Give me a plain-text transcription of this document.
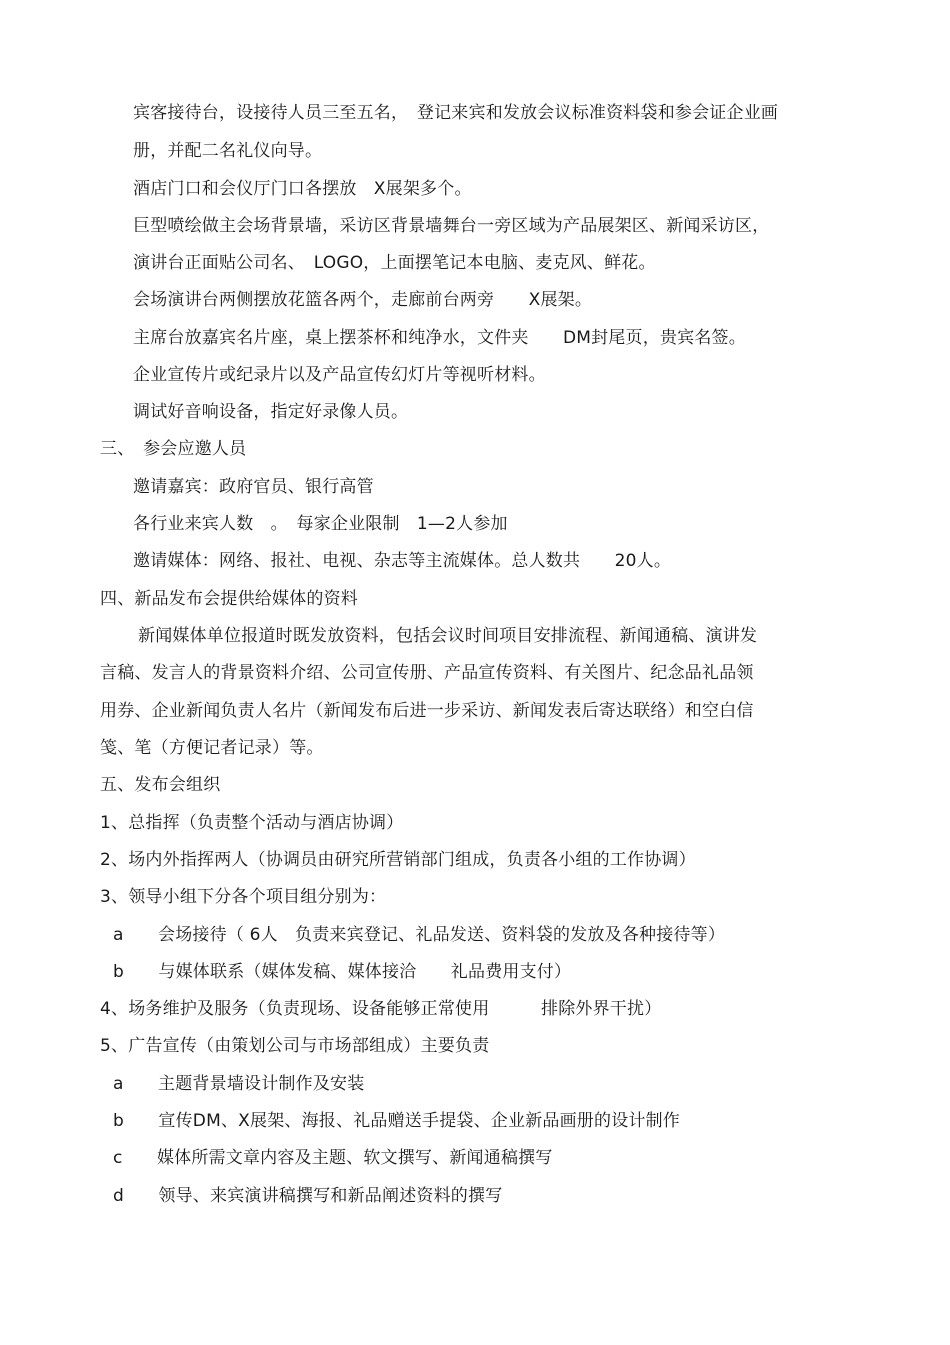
宾客接待台，设接待人员三至五名，　登记来宾和发放会议标准资料袋和参会证企业画
册，并配二名礼仪向导。
酒店门口和会仪厅门口各摆放　X展架多个。
巨型喷绘做主会场背景墙，采访区背景墙舞台一旁区域为产品展架区、新闻采访区，
演讲台正面贴公司名、　LOGO，上面摆笔记本电脑、麦克风、鲜花。
会场演讲台两侧摆放花篮各两个，走廊前台两旁　　X展架。
主席台放嘉宾名片座，桌上摆茶杯和纯净水，文件夹　　DM封尾页，贵宾名签。
企业宣传片或纪录片以及产品宣传幻灯片等视听材料。
调试好音响设备，指定好录像人员。
三、　参会应邀人员
邀请嘉宾：政府官员、银行高管
各行业来宾人数　。　每家企业限制　1—2人参加
邀请媒体：网络、报社、电视、杂志等主流媒体。总人数共　　20人。
四、新品发布会提供给媒体的资料
新闻媒体单位报道时既发放资料，包括会议时间项目安排流程、新闻通稿、演讲发
言稿、发言人的背景资料介绍、公司宣传册、产品宣传资料、有关图片、纪念品礼品领
用券、企业新闻负责人名片（新闻发布后进一步采访、新闻发表后寄达联络）和空白信
笺、笔（方便记者记录）等。
五、发布会组织
1、总指挥（负责整个活动与酒店协调）
2、场内外指挥两人（协调员由研究所营销部门组成，负责各小组的工作协调）
3、领导小组下分各个项目组分别为：
a　　会场接待（ 6人　负责来宾登记、礼品发送、资料袋的发放及各种接待等）
b　　与媒体联系（媒体发稿、媒体接洽　　礼品费用支付）
4、场务维护及服务（负责现场、设备能够正常使用　　　排除外界干扰）
5、广告宣传（由策划公司与市场部组成）主要负责
a　　主题背景墙设计制作及安装
b　　宣传DM、X展架、海报、礼品赠送手提袋、企业新品画册的设计制作
c　　媒体所需文章内容及主题、软文撰写、新闻通稿撰写
d　　领导、来宾演讲稿撰写和新品阐述资料的撰写
